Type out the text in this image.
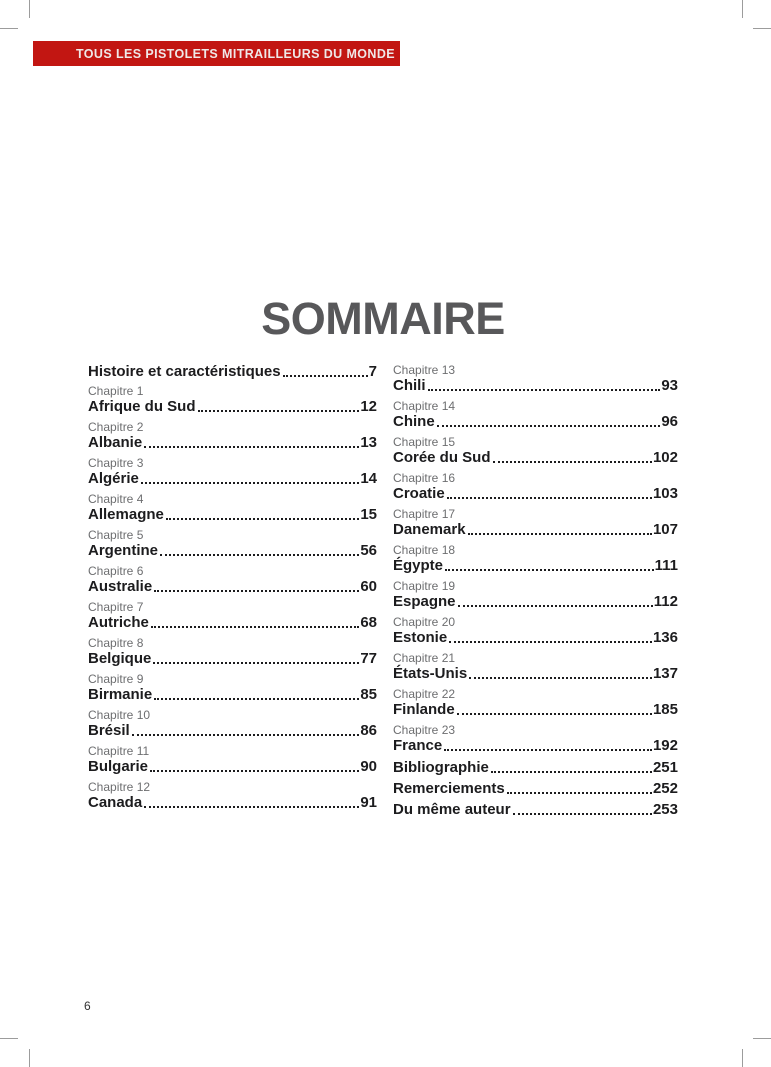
TOUS LES PISTOLETS MITRAILLEURS DU MONDE
SOMMAIRE
Histoire et caractéristiques	7
Chapitre 1
Afrique du Sud	12
Chapitre 2
Albanie	13
Chapitre 3
Algérie	14
Chapitre 4
Allemagne	15
Chapitre 5
Argentine	56
Chapitre 6
Australie	60
Chapitre 7
Autriche	68
Chapitre 8
Belgique	77
Chapitre 9
Birmanie	85
Chapitre 10
Brésil	86
Chapitre 11
Bulgarie	90
Chapitre 12
Canada	91
Chapitre 13
Chili	93
Chapitre 14
Chine	96
Chapitre 15
Corée du Sud	102
Chapitre 16
Croatie	103
Chapitre 17
Danemark	107
Chapitre 18
Égypte	111
Chapitre 19
Espagne	112
Chapitre 20
Estonie	136
Chapitre 21
États-Unis	137
Chapitre 22
Finlande	185
Chapitre 23
France	192
Bibliographie	251
Remerciements	252
Du même auteur	253
6
